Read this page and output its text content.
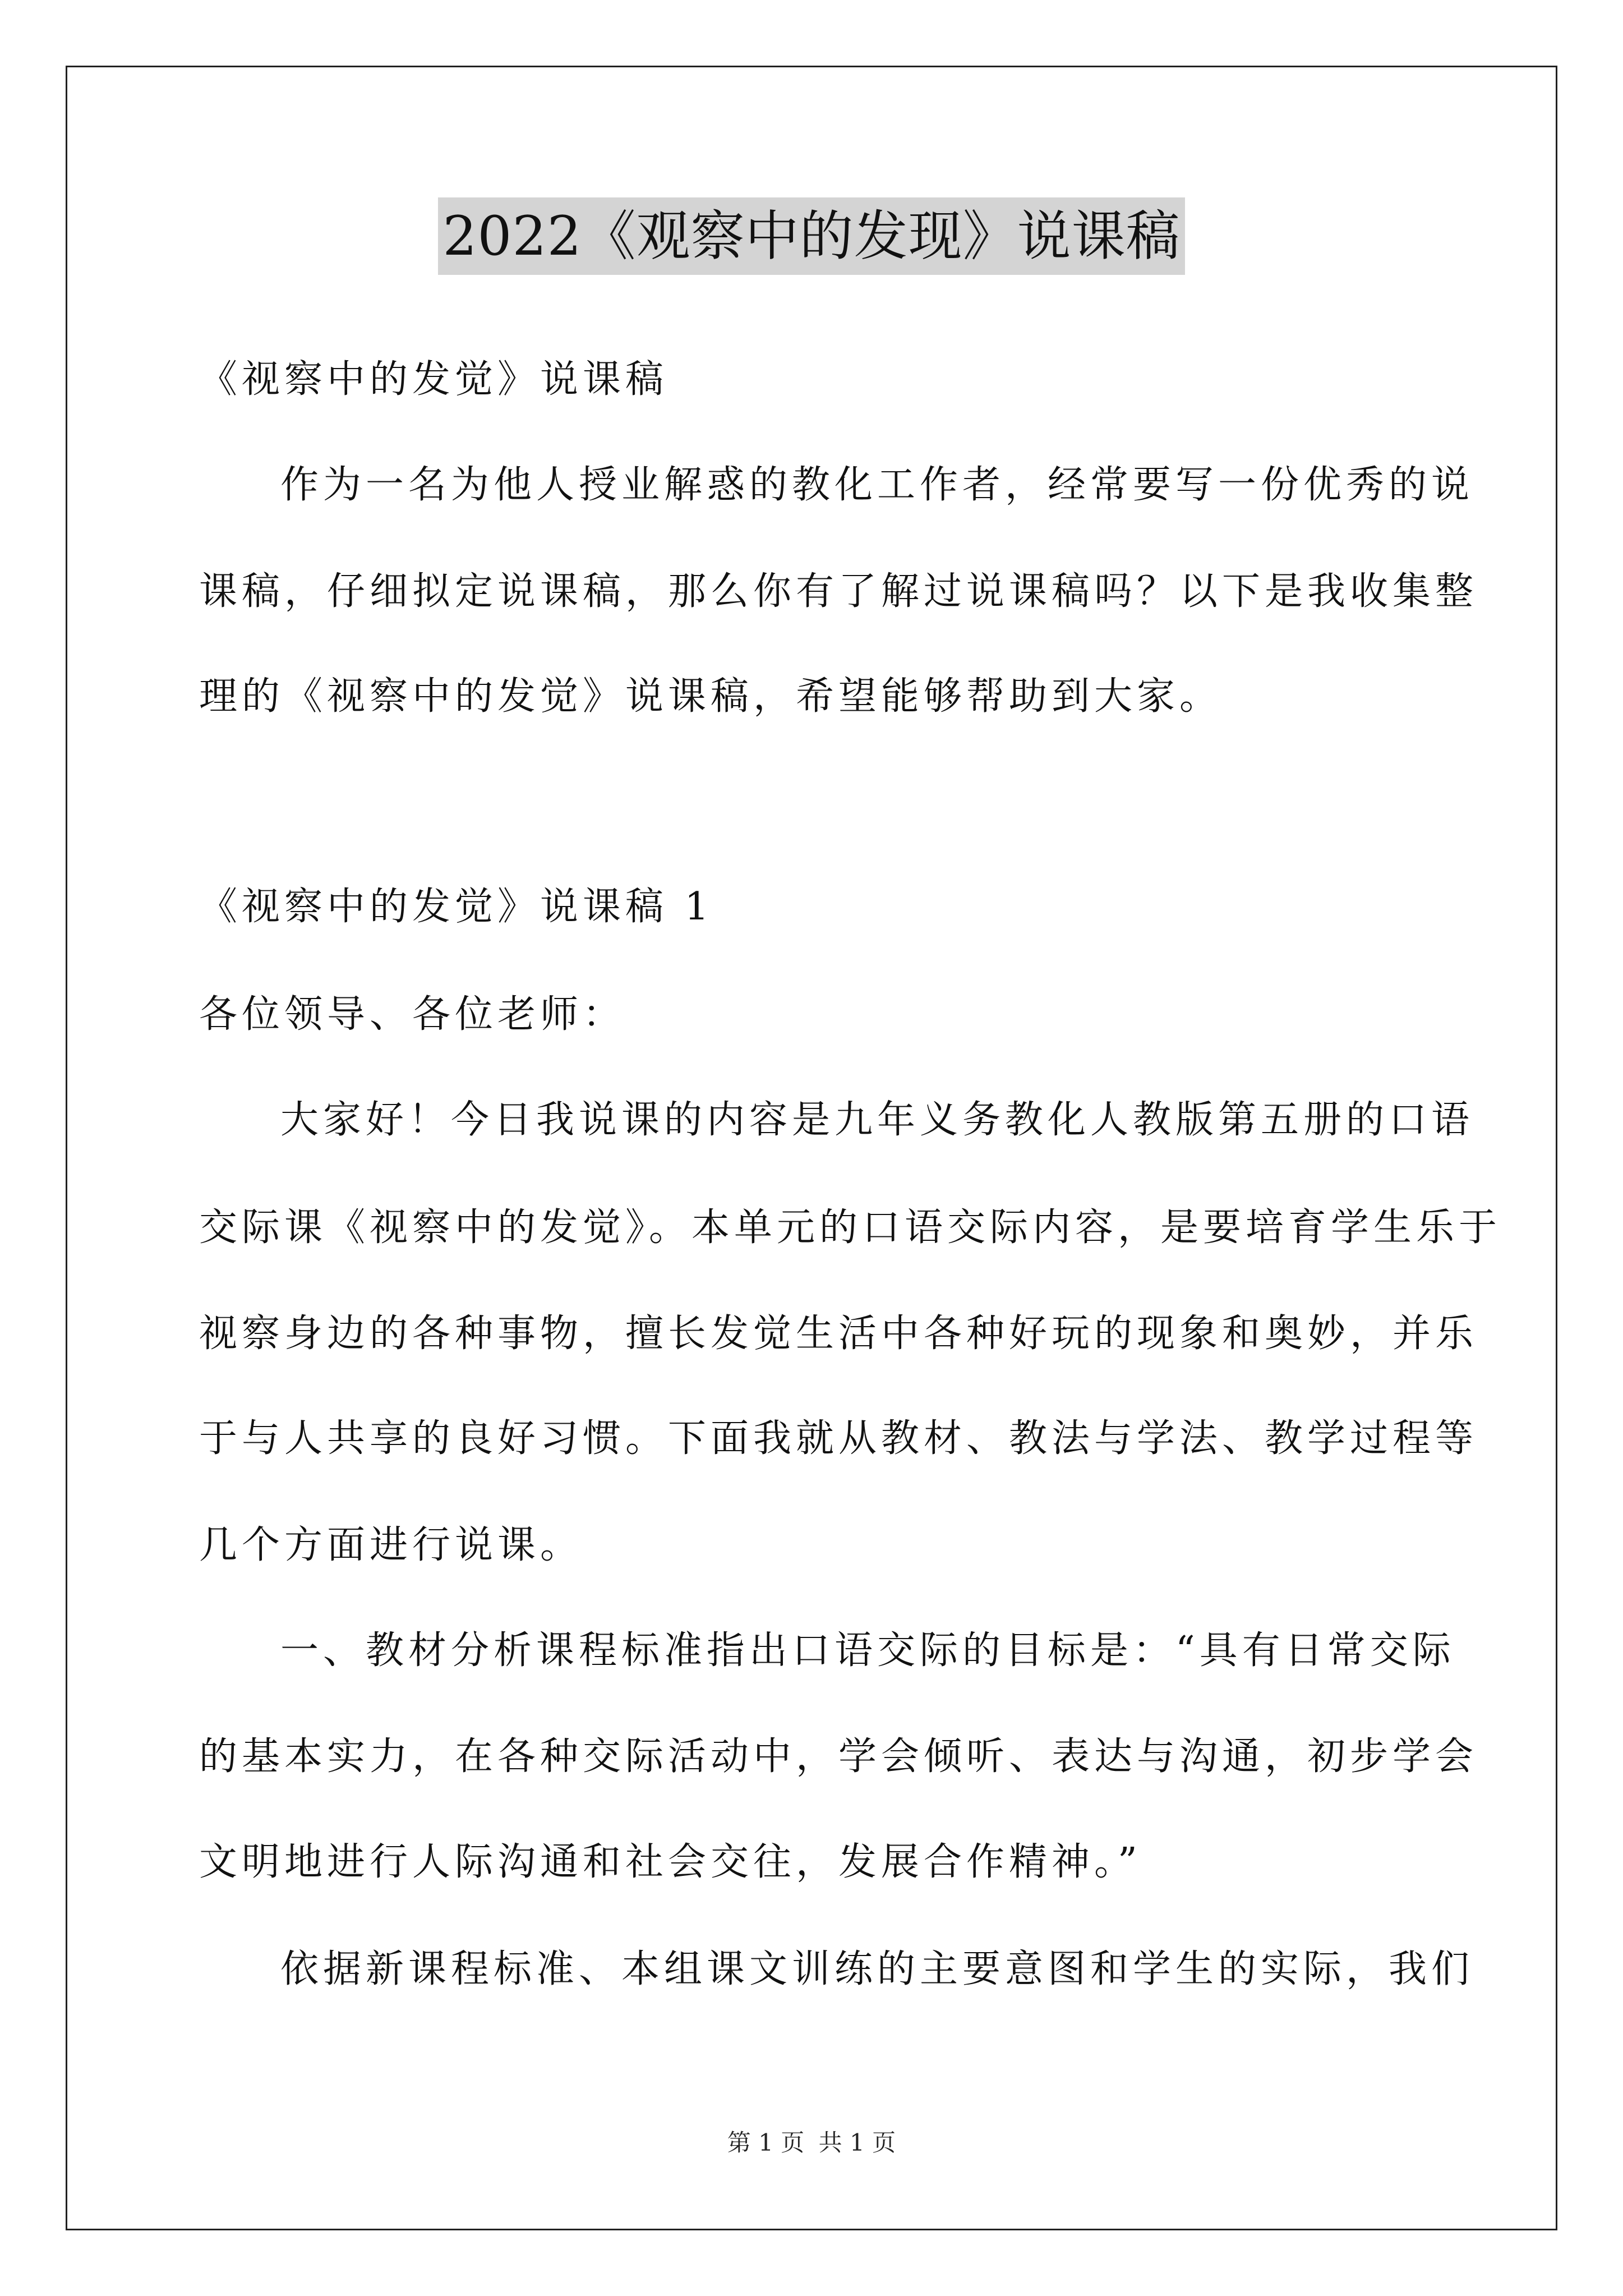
2022《观察中的发现》说课稿
《视察中的发觉》说课稿
作为一名为他人授业解惑的教化工作者，经常要写一份优秀的说
课稿，仔细拟定说课稿，那么你有了解过说课稿吗？以下是我收集整
理的《视察中的发觉》说课稿，希望能够帮助到大家。
《视察中的发觉》说课稿 1
各位领导、各位老师：
大家好！今日我说课的内容是九年义务教化人教版第五册的口语
交际课《视察中的发觉》。本单元的口语交际内容，是要培育学生乐于
视察身边的各种事物，擅长发觉生活中各种好玩的现象和奥妙，并乐
于与人共享的良好习惯。下面我就从教材、教法与学法、教学过程等
几个方面进行说课。
一、教材分析课程标准指出口语交际的目标是：“具有日常交际
的基本实力，在各种交际活动中，学会倾听、表达与沟通，初步学会
文明地进行人际沟通和社会交往，发展合作精神。”
依据新课程标准、本组课文训练的主要意图和学生的实际，我们
第 1 页 共 1 页
